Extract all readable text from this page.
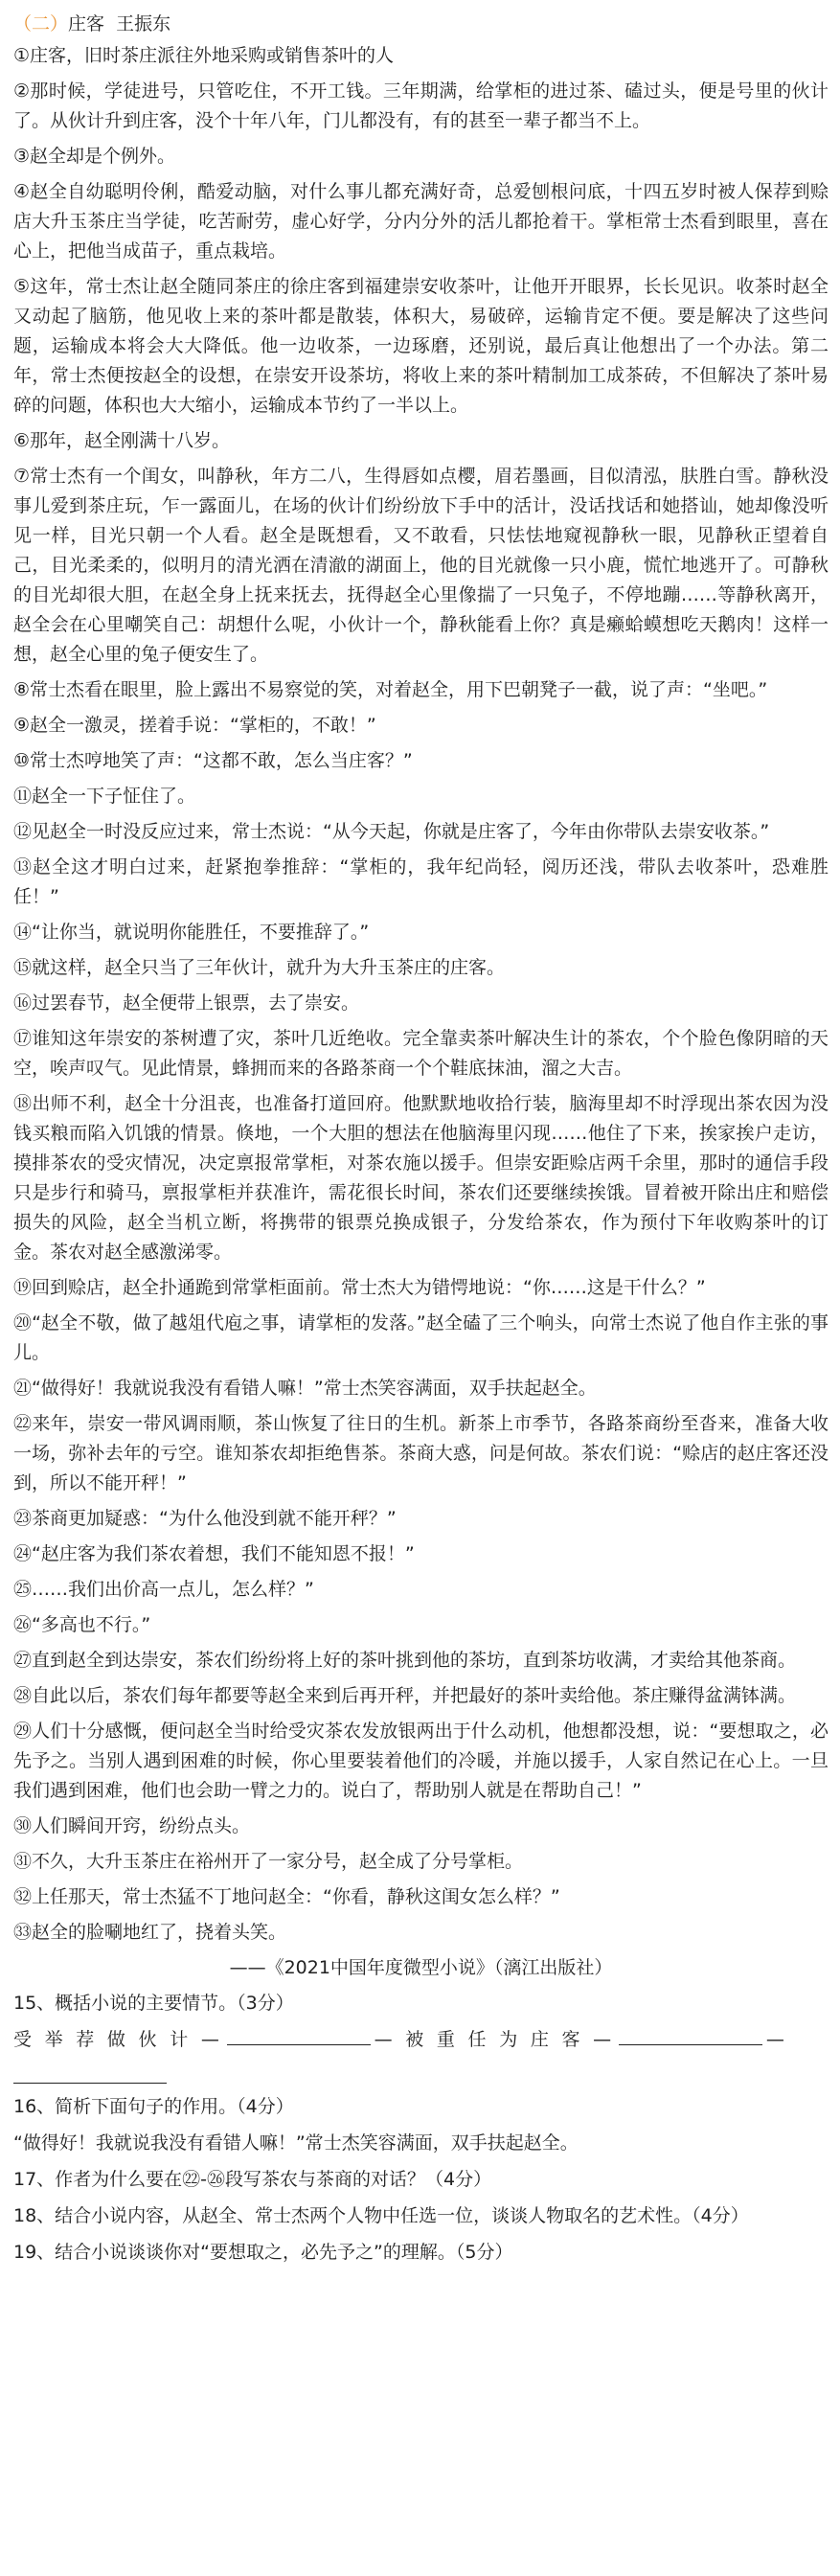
（二）庄客 王振东

①庄客，旧时茶庄派往外地采购或销售茶叶的人

②那时候，学徒进号，只管吃住，不开工钱。三年期满，给掌柜的进过茶、磕过头，便是号里的伙计了。从伙计升到庄客，没个十年八年，门儿都没有，有的甚至一辈子都当不上。

③赵全却是个例外。

④赵全自幼聪明伶俐，酷爱动脑，对什么事儿都充满好奇，总爱刨根问底，十四五岁时被人保荐到赊店大升玉茶庄当学徒，吃苦耐劳，虚心好学，分内分外的活儿都抢着干。掌柜常士杰看到眼里，喜在心上，把他当成苗子，重点栽培。

⑤这年，常士杰让赵全随同茶庄的徐庄客到福建崇安收茶叶，让他开开眼界，长长见识。收茶时赵全又动起了脑筋，他见收上来的茶叶都是散装，体积大，易破碎，运输肯定不便。要是解决了这些问题，运输成本将会大大降低。他一边收茶，一边琢磨，还别说，最后真让他想出了一个办法。第二年，常士杰便按赵全的设想，在崇安开设茶坊，将收上来的茶叶精制加工成茶砖，不但解决了茶叶易碎的问题，体积也大大缩小，运输成本节约了一半以上。

⑥那年，赵全刚满十八岁。

⑦常士杰有一个闺女，叫静秋，年方二八，生得唇如点樱，眉若墨画，目似清泓，肤胜白雪。静秋没事儿爱到茶庄玩，乍一露面儿，在场的伙计们纷纷放下手中的活计，没话找话和她搭讪，她却像没听见一样，目光只朝一个人看。赵全是既想看，又不敢看，只怯怯地窥视静秋一眼，见静秋正望着自己，目光柔柔的，似明月的清光洒在清澈的湖面上，他的目光就像一只小鹿，慌忙地逃开了。可静秋的目光却很大胆，在赵全身上抚来抚去，抚得赵全心里像揣了一只兔子，不停地蹦……等静秋离开，赵全会在心里嘲笑自己：胡想什么呢，小伙计一个，静秋能看上你？真是癞蛤蟆想吃天鹅肉！这样一想，赵全心里的兔子便安生了。

⑧常士杰看在眼里，脸上露出不易察觉的笑，对着赵全，用下巴朝凳子一截，说了声：“坐吧。”

⑨赵全一激灵，搓着手说：“掌柜的，不敢！”

⑩常士杰哼地笑了声：“这都不敢，怎么当庄客？”

⑪赵全一下子怔住了。

⑫见赵全一时没反应过来，常士杰说：“从今天起，你就是庄客了，今年由你带队去崇安收茶。”

⑬赵全这才明白过来，赶紧抱拳推辞：“掌柜的，我年纪尚轻，阅历还浅，带队去收茶叶，恐难胜任！”

⑭“让你当，就说明你能胜任，不要推辞了。”

⑮就这样，赵全只当了三年伙计，就升为大升玉茶庄的庄客。

⑯过罢春节，赵全便带上银票，去了崇安。

⑰谁知这年崇安的茶树遭了灾，茶叶几近绝收。完全靠卖茶叶解决生计的茶农，个个脸色像阴暗的天空，唉声叹气。见此情景，蜂拥而来的各路茶商一个个鞋底抹油，溜之大吉。

⑱出师不利，赵全十分沮丧，也准备打道回府。他默默地收拾行装，脑海里却不时浮现出茶农因为没钱买粮而陷入饥饿的情景。倏地，一个大胆的想法在他脑海里闪现……他住了下来，挨家挨户走访，摸排茶农的受灾情况，决定禀报常掌柜，对茶农施以援手。但崇安距赊店两千余里，那时的通信手段只是步行和骑马，禀报掌柜并获准许，需花很长时间，茶农们还要继续挨饿。冒着被开除出庄和赔偿损失的风险，赵全当机立断，将携带的银票兑换成银子，分发给茶农，作为预付下年收购茶叶的订金。茶农对赵全感激涕零。

⑲回到赊店，赵全扑通跪到常掌柜面前。常士杰大为错愕地说：“你……这是干什么？”

⑳“赵全不敬，做了越俎代庖之事，请掌柜的发落。”赵全磕了三个响头，向常士杰说了他自作主张的事儿。

㉑“做得好！我就说我没有看错人嘛！”常士杰笑容满面，双手扶起赵全。

㉒来年，崇安一带风调雨顺，茶山恢复了往日的生机。新茶上市季节，各路茶商纷至沓来，准备大收一场，弥补去年的亏空。谁知茶农却拒绝售茶。茶商大惑，问是何故。茶农们说：“赊店的赵庄客还没到，所以不能开秤！”

㉓茶商更加疑惑：“为什么他没到就不能开秤？”

㉔“赵庄客为我们茶农着想，我们不能知恩不报！”

㉕……我们出价高一点儿，怎么样？”

㉖“多高也不行。”

㉗直到赵全到达崇安，茶农们纷纷将上好的茶叶挑到他的茶坊，直到茶坊收满，才卖给其他茶商。

㉘自此以后，茶农们每年都要等赵全来到后再开秤，并把最好的茶叶卖给他。茶庄赚得盆满钵满。

㉙人们十分感慨，便问赵全当时给受灾茶农发放银两出于什么动机，他想都没想，说：“要想取之，必先予之。当别人遇到困难的时候，你心里要装着他们的冷暖，并施以援手，人家自然记在心上。一旦我们遇到困难，他们也会助一臂之力的。说白了，帮助别人就是在帮助自己！”

㉚人们瞬间开窍，纷纷点头。

㉛不久，大升玉茶庄在裕州开了一家分号，赵全成了分号掌柜。

㉜上任那天，常士杰猛不丁地问赵全：“你看，静秋这闺女怎么样？”

㉝赵全的脸唰地红了，挠着头笑。

——《2021中国年度微型小说》（漓江出版社）

15、概括小说的主要情节。（3分）

受 举 荐 做 伙 计 —	— 被 重 任 为 庄 客 —	—

16、简析下面句子的作用。（4分）

“做得好！我就说我没有看错人嘛！”常士杰笑容满面，双手扶起赵全。

17、作者为什么要在㉒-㉖段写茶农与茶商的对话？（4分）

18、结合小说内容，从赵全、常士杰两个人物中任选一位，谈谈人物取名的艺术性。（4分）

19、结合小说谈谈你对“要想取之，必先予之”的理解。（5分）
